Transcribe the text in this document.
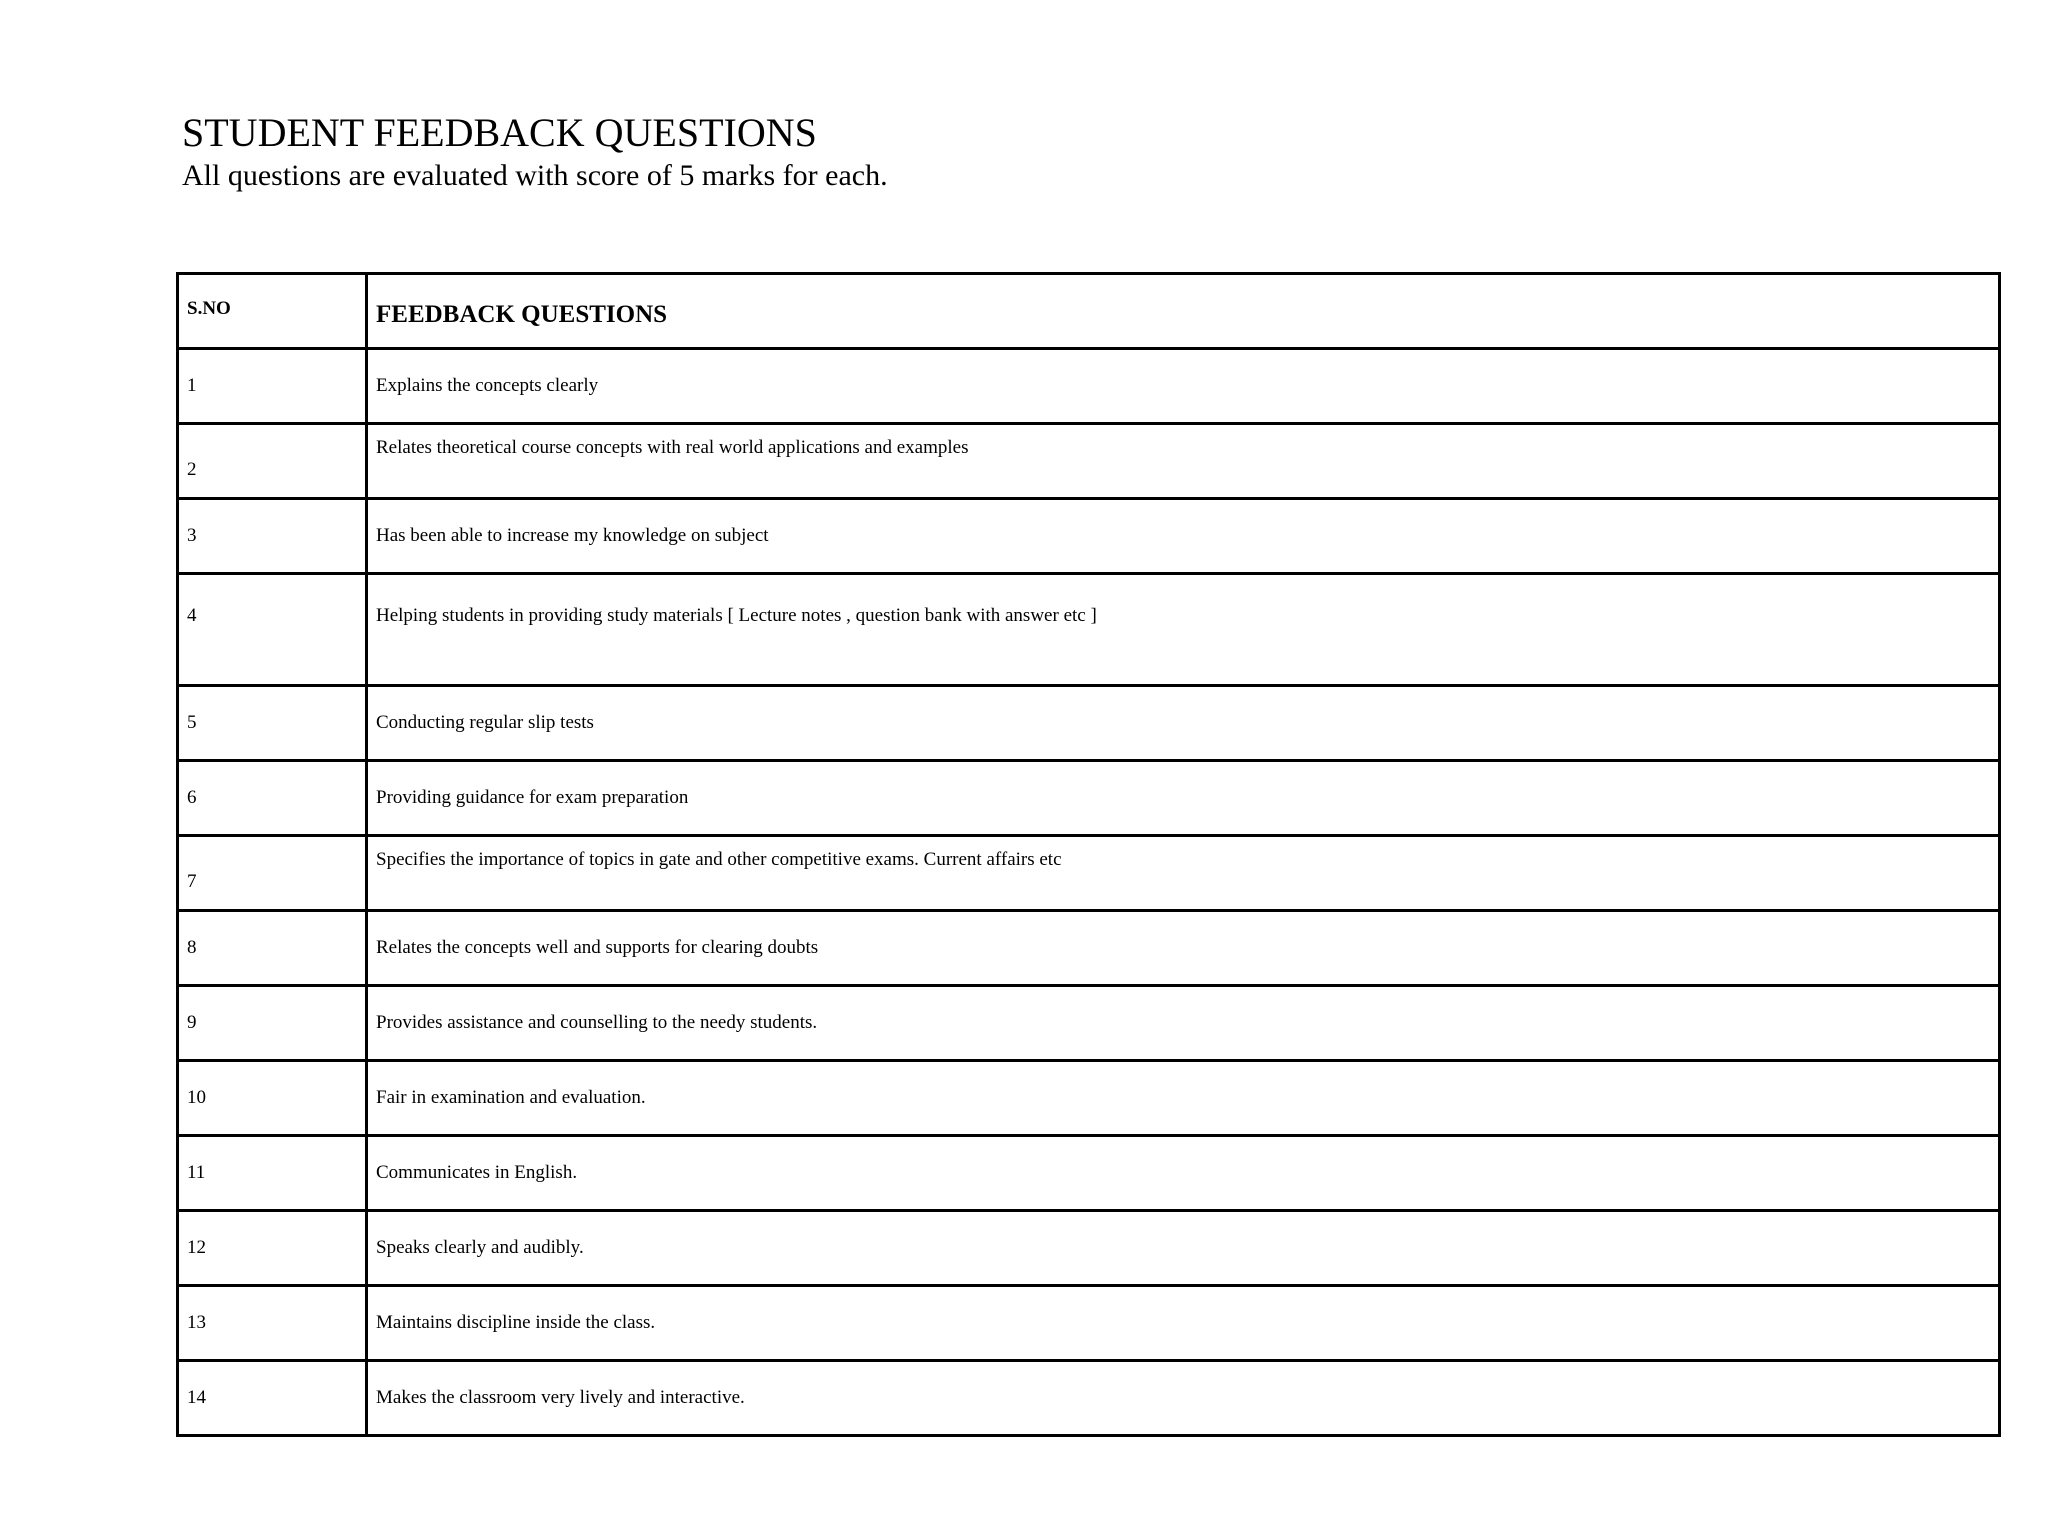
STUDENT FEEDBACK QUESTIONS

All questions are evaluated with score of 5 marks for each.

S.NO	FEEDBACK QUESTIONS
1	Explains the concepts clearly
2	Relates theoretical course concepts with real world applications and examples
3	Has been able to increase my knowledge on subject
4	Helping students in providing study materials [ Lecture notes , question bank with answer etc ]
5	Conducting regular slip tests
6	Providing guidance for exam preparation
7	Specifies the importance of topics in gate and other competitive exams. Current affairs etc
8	Relates the concepts well and supports for clearing doubts
9	Provides assistance and counselling to the needy students.
10	Fair in examination and evaluation.
11	Communicates in English.
12	Speaks clearly and audibly.
13	Maintains discipline inside the class.
14	Makes the classroom very lively and interactive.
